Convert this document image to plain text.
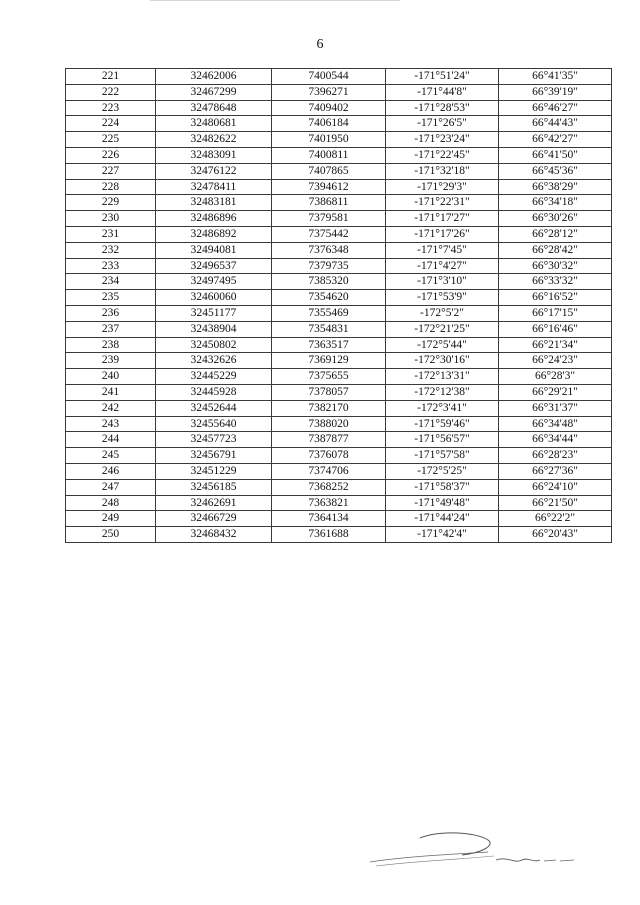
6
221	32462006	7400544	-171°51'24"	66°41'35"
222	32467299	7396271	-171°44'8"	66°39'19"
223	32478648	7409402	-171°28'53"	66°46'27"
224	32480681	7406184	-171°26'5"	66°44'43"
225	32482622	7401950	-171°23'24"	66°42'27"
226	32483091	7400811	-171°22'45"	66°41'50"
227	32476122	7407865	-171°32'18"	66°45'36"
228	32478411	7394612	-171°29'3"	66°38'29"
229	32483181	7386811	-171°22'31"	66°34'18"
230	32486896	7379581	-171°17'27"	66°30'26"
231	32486892	7375442	-171°17'26"	66°28'12"
232	32494081	7376348	-171°7'45"	66°28'42"
233	32496537	7379735	-171°4'27"	66°30'32"
234	32497495	7385320	-171°3'10"	66°33'32"
235	32460060	7354620	-171°53'9"	66°16'52"
236	32451177	7355469	-172°5'2"	66°17'15"
237	32438904	7354831	-172°21'25"	66°16'46"
238	32450802	7363517	-172°5'44"	66°21'34"
239	32432626	7369129	-172°30'16"	66°24'23"
240	32445229	7375655	-172°13'31"	66°28'3"
241	32445928	7378057	-172°12'38"	66°29'21"
242	32452644	7382170	-172°3'41"	66°31'37"
243	32455640	7388020	-171°59'46"	66°34'48"
244	32457723	7387877	-171°56'57"	66°34'44"
245	32456791	7376078	-171°57'58"	66°28'23"
246	32451229	7374706	-172°5'25"	66°27'36"
247	32456185	7368252	-171°58'37"	66°24'10"
248	32462691	7363821	-171°49'48"	66°21'50"
249	32466729	7364134	-171°44'24"	66°22'2"
250	32468432	7361688	-171°42'4"	66°20'43"
